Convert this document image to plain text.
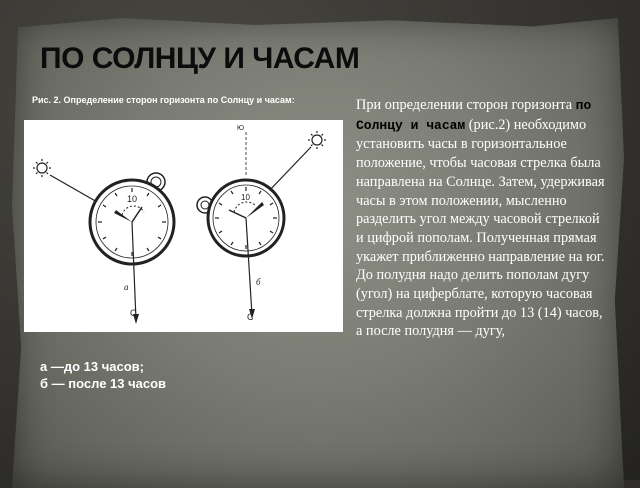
ПО СОЛНЦУ И ЧАСАМ

Рис. 2. Определение сторон горизонта по Солнцу и часам:

10
а
С
Ю
10
б
С
а —до 13 часов;
б — после 13 часов

При определении сторон горизонта по Солнцу и часам (рис.2) необходимо установить часы в горизонтальное положение, чтобы часовая стрелка была направлена на Солнце. Затем, удерживая часы в этом положении, мысленно разделить угол между часовой стрелкой и цифрой пополам. Полученная прямая укажет приближенно направление на юг. До полудня надо делить пополам дугу (угол) на циферблате, которую часовая стрелка должна пройти до 13 (14) часов, а после полудня — дугу,
